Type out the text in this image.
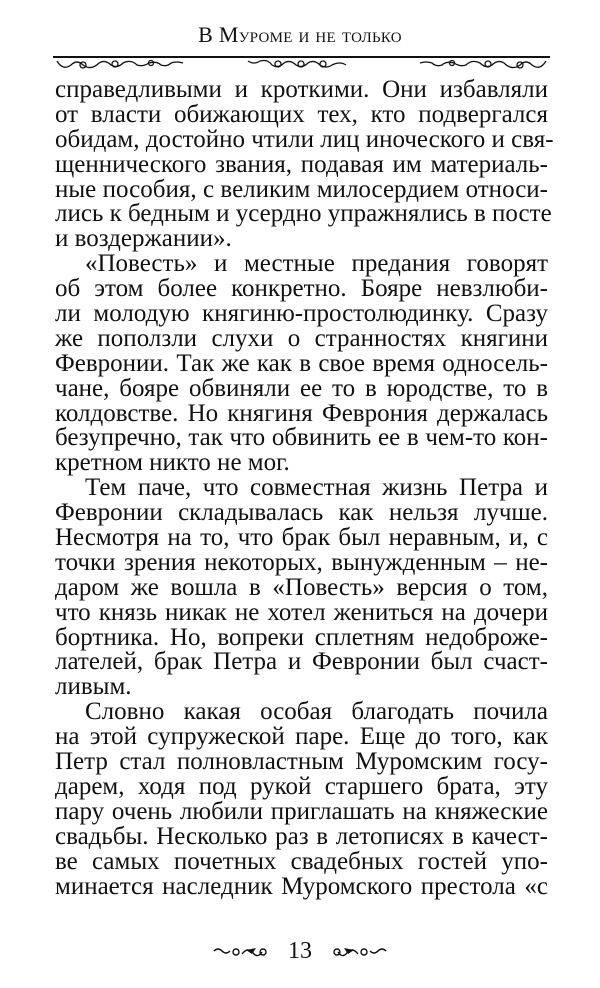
В Муроме и не только
справедливыми и кроткими. Они избавляли
от власти обижающих тех, кто подвергался
обидам, достойно чтили лиц иноческого и свя-
щеннического звания, подавая им материаль-
ные пособия, с великим милосердием относи-
лись к бедным и усердно упражнялись в посте
и воздержании».
«Повесть» и местные предания говорят
об этом более конкретно. Бояре невзлюби-
ли молодую княгиню-простолюдинку. Сразу
же поползли слухи о странностях княгини
Февронии. Так же как в свое время односель-
чане, бояре обвиняли ее то в юродстве, то в
колдовстве. Но княгиня Феврония держалась
безупречно, так что обвинить ее в чем-то кон-
кретном никто не мог.
Тем паче, что совместная жизнь Петра и
Февронии складывалась как нельзя лучше.
Несмотря на то, что брак был неравным, и, с
точки зрения некоторых, вынужденным – не-
даром же вошла в «Повесть» версия о том,
что князь никак не хотел жениться на дочери
бортника. Но, вопреки сплетням недоброже-
лателей, брак Петра и Февронии был счаст-
ливым.
Словно какая особая благодать почила
на этой супружеской паре. Еще до того, как
Петр стал полновластным Муромским госу-
дарем, ходя под рукой старшего брата, эту
пару очень любили приглашать на княжеские
свадьбы. Несколько раз в летописях в качест-
ве самых почетных свадебных гостей упо-
минается наследник Муромского престола «с
13
